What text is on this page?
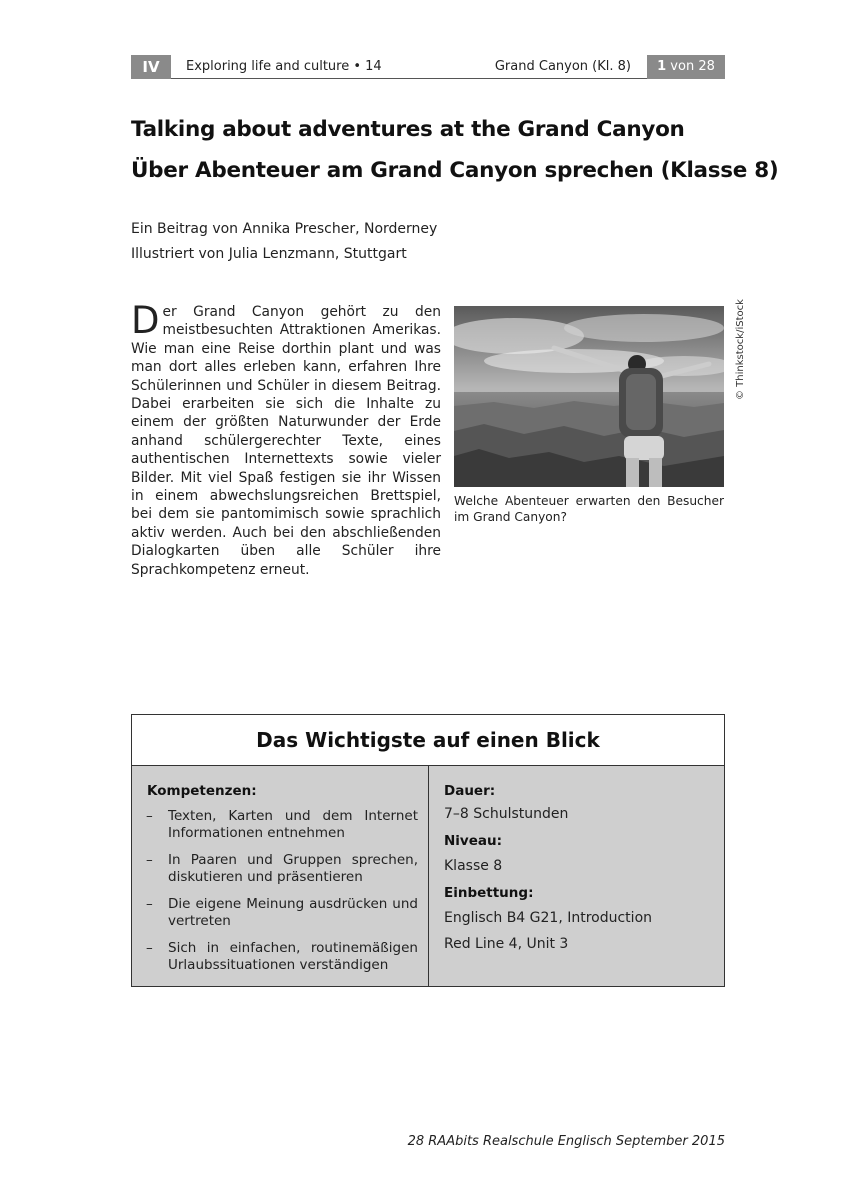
IV	Exploring life and culture • 14	Grand Canyon (Kl. 8)	1 von 28
Talking about adventures at the Grand Canyon
Über Abenteuer am Grand Canyon sprechen (Klasse 8)
Ein Beitrag von Annika Prescher, Norderney
Illustriert von Julia Lenzmann, Stuttgart
Der Grand Canyon gehört zu den meistbesuchten Attraktionen Amerikas. Wie man eine Reise dorthin plant und was man dort alles erleben kann, erfahren Ihre Schülerinnen und Schüler in diesem Beitrag. Dabei erarbeiten sie sich die Inhalte zu einem der größten Naturwunder der Erde anhand schülergerechter Texte, eines authentischen Internettexts sowie vieler Bilder. Mit viel Spaß festigen sie ihr Wissen in einem abwechslungsreichen Brettspiel, bei dem sie pantomimisch sowie sprachlich aktiv werden. Auch bei den abschließenden Dialogkarten üben alle Schüler ihre Sprachkompetenz erneut.
© Thinkstock/iStock
Welche Abenteuer erwarten den Besucher im Grand Canyon?
Das Wichtigste auf einen Blick
Kompetenzen:
– Texten, Karten und dem Internet Informationen entnehmen
– In Paaren und Gruppen sprechen, diskutieren und präsentieren
– Die eigene Meinung ausdrücken und vertreten
– Sich in einfachen, routinemäßigen Urlaubssituationen verständigen
Dauer:
7–8 Schulstunden
Niveau:
Klasse 8
Einbettung:
Englisch B4 G21, Introduction
Red Line 4, Unit 3
28 RAAbits Realschule Englisch September 2015
